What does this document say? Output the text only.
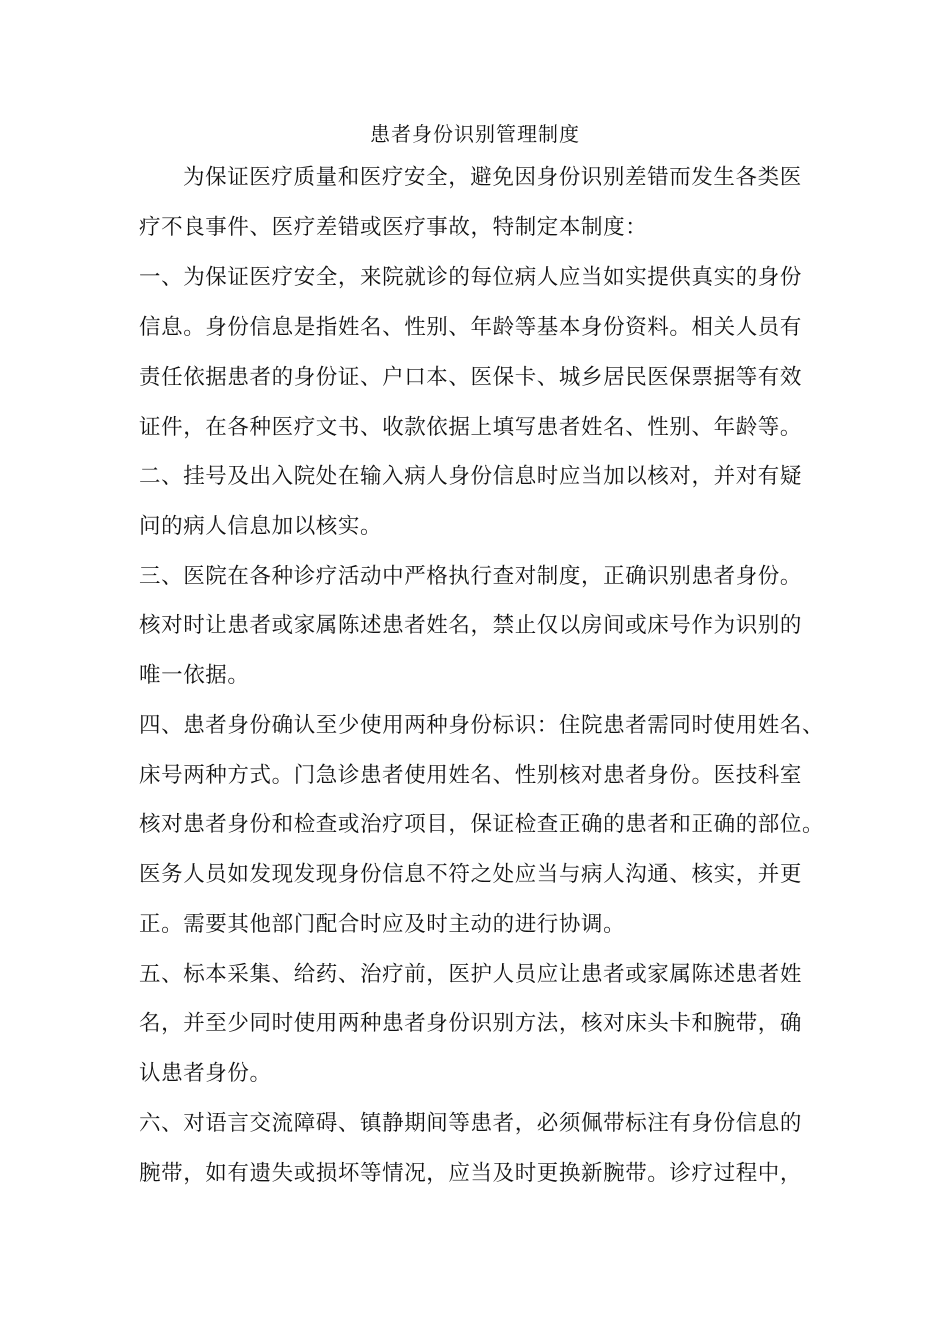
患者身份识别管理制度
为保证医疗质量和医疗安全，避免因身份识别差错而发生各类医
疗不良事件、医疗差错或医疗事故，特制定本制度：
一、为保证医疗安全，来院就诊的每位病人应当如实提供真实的身份
信息。身份信息是指姓名、性别、年龄等基本身份资料。相关人员有
责任依据患者的身份证、户口本、医保卡、城乡居民医保票据等有效
证件，在各种医疗文书、收款依据上填写患者姓名、性别、年龄等。
二、挂号及出入院处在输入病人身份信息时应当加以核对，并对有疑
问的病人信息加以核实。
三、医院在各种诊疗活动中严格执行查对制度，正确识别患者身份。
核对时让患者或家属陈述患者姓名，禁止仅以房间或床号作为识别的
唯一依据。
四、患者身份确认至少使用两种身份标识：住院患者需同时使用姓名、
床号两种方式。门急诊患者使用姓名、性别核对患者身份。医技科室
核对患者身份和检查或治疗项目，保证检查正确的患者和正确的部位。
医务人员如发现发现身份信息不符之处应当与病人沟通、核实，并更
正。需要其他部门配合时应及时主动的进行协调。
五、标本采集、给药、治疗前，医护人员应让患者或家属陈述患者姓
名，并至少同时使用两种患者身份识别方法，核对床头卡和腕带，确
认患者身份。
六、对语言交流障碍、镇静期间等患者，必须佩带标注有身份信息的
腕带，如有遗失或损坏等情况，应当及时更换新腕带。诊疗过程中，
